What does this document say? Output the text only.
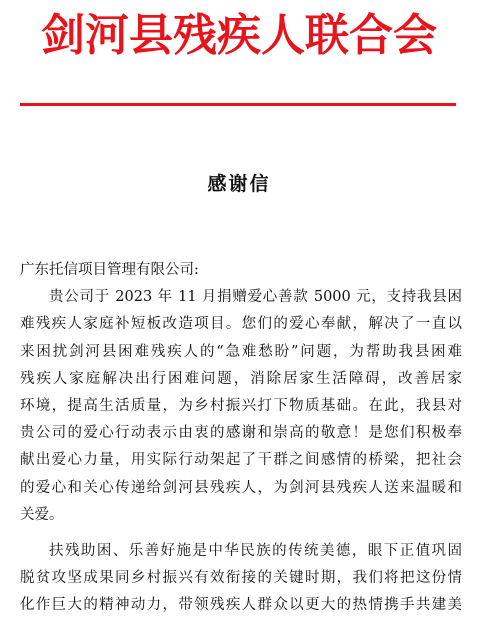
剑河县残疾人联合会
感谢信
广东托信项目管理有限公司:
贵公司于 2023 年 11 月捐赠爱心善款 5000 元，支持我县困
难残疾人家庭补短板改造项目。您们的爱心奉献，解决了一直以
来困扰剑河县困难残疾人的“急难愁盼”问题，为帮助我县困难
残疾人家庭解决出行困难问题，消除居家生活障碍，改善居家
环境，提高生活质量，为乡村振兴打下物质基础。在此，我县对
贵公司的爱心行动表示由衷的感谢和崇高的敬意！是您们积极奉
献出爱心力量，用实际行动架起了干群之间感情的桥梁，把社会
的爱心和关心传递给剑河县残疾人，为剑河县残疾人送来温暖和
关爱。
扶残助困、乐善好施是中华民族的传统美德，眼下正值巩固
脱贫攻坚成果同乡村振兴有效衔接的关键时期，我们将把这份情
化作巨大的精神动力，带领残疾人群众以更大的热情携手共建美
